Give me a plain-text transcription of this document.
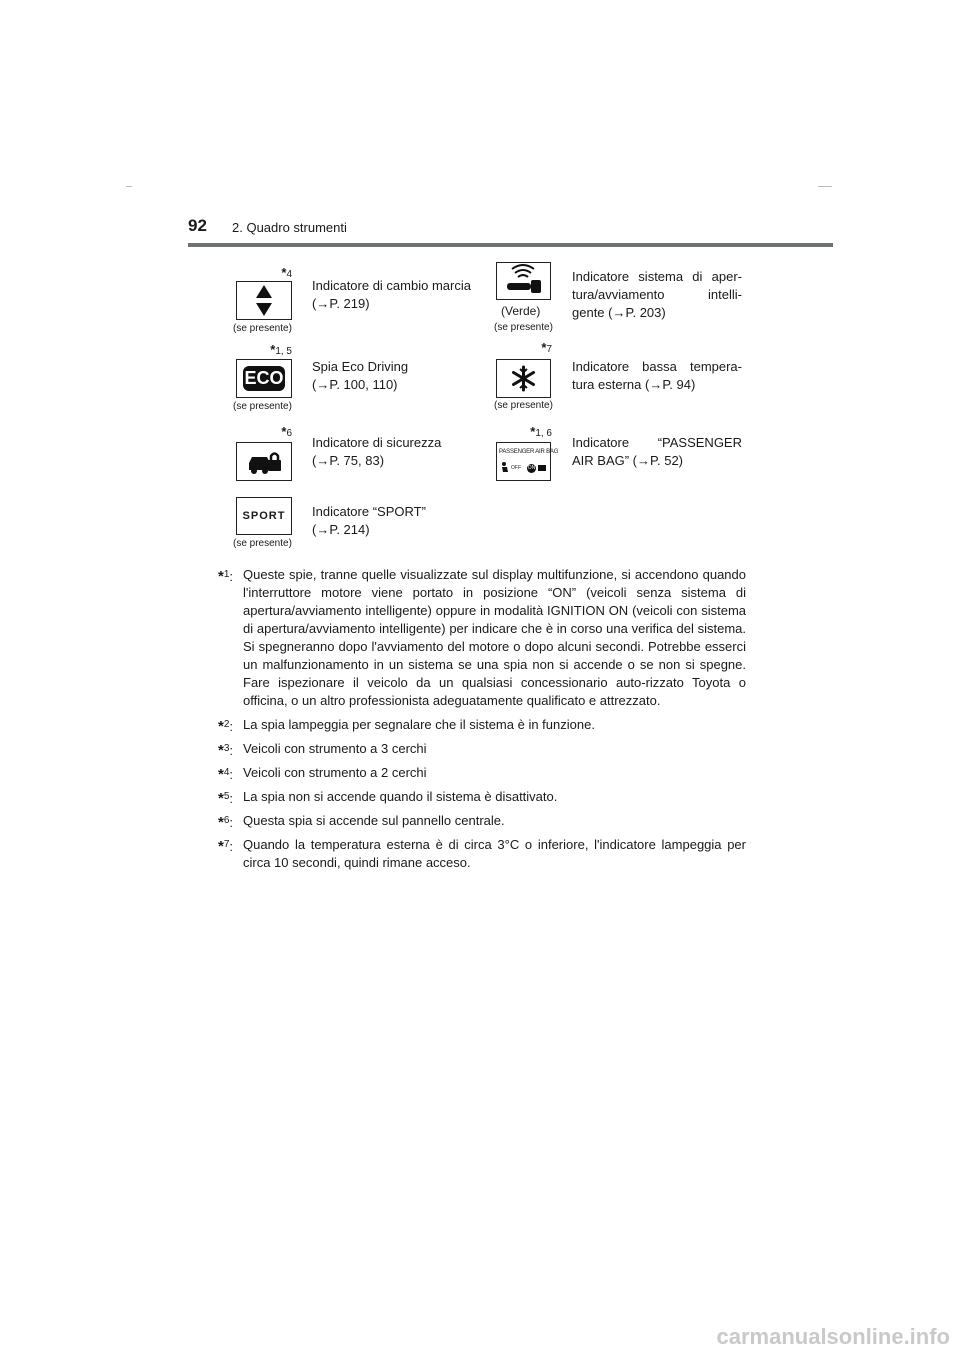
92 2. Quadro strumenti
*4
(se presente)
Indicatore di cambio marcia
(→P. 219)	(Verde)
(se presente)
Indicatore sistema di aper-
tura/avviamento intelli-
gente (→P. 203)
*1, 5
ECO
(se presente)
Spia Eco Driving
(→P. 100, 110)
*7
(se presente)
Indicatore bassa tempera-
tura esterna (→P. 94)
*6
Indicatore di sicurezza
(→P. 75, 83)
*1, 6
PASSENGER AIR BAG
OFF ON
Indicatore “PASSENGER
AIR BAG” (→P. 52)
SPORT
(se presente)
Indicatore “SPORT”
(→P. 214)
*$^1$: Queste spie, tranne quelle visualizzate sul display multifunzione, si accendono quando l'interruttore motore viene portato in posizione “ON” (veicoli senza sistema di apertura/avviamento intelligente) oppure in modalità IGNITION ON (veicoli con sistema di apertura/avviamento intelligente) per indicare che è in corso una verifica del sistema. Si spegneranno dopo l'avviamento del motore o dopo alcuni secondi. Potrebbe esserci un malfunzionamento in un sistema se una spia non si accende o se non si spegne. Fare ispezionare il veicolo da un qualsiasi concessionario auto-rizzato Toyota o officina, o un altro professionista adeguatamente qualificato e attrezzato.
*$^2$: La spia lampeggia per segnalare che il sistema è in funzione.
*$^3$: Veicoli con strumento a 3 cerchi
*$^4$: Veicoli con strumento a 2 cerchi
*$^5$: La spia non si accende quando il sistema è disattivato.
*$^6$: Questa spia si accende sul pannello centrale.
*$^7$: Quando la temperatura esterna è di circa 3°C o inferiore, l'indicatore lampeggia per circa 10 secondi, quindi rimane acceso.
carmanualsonline.info
